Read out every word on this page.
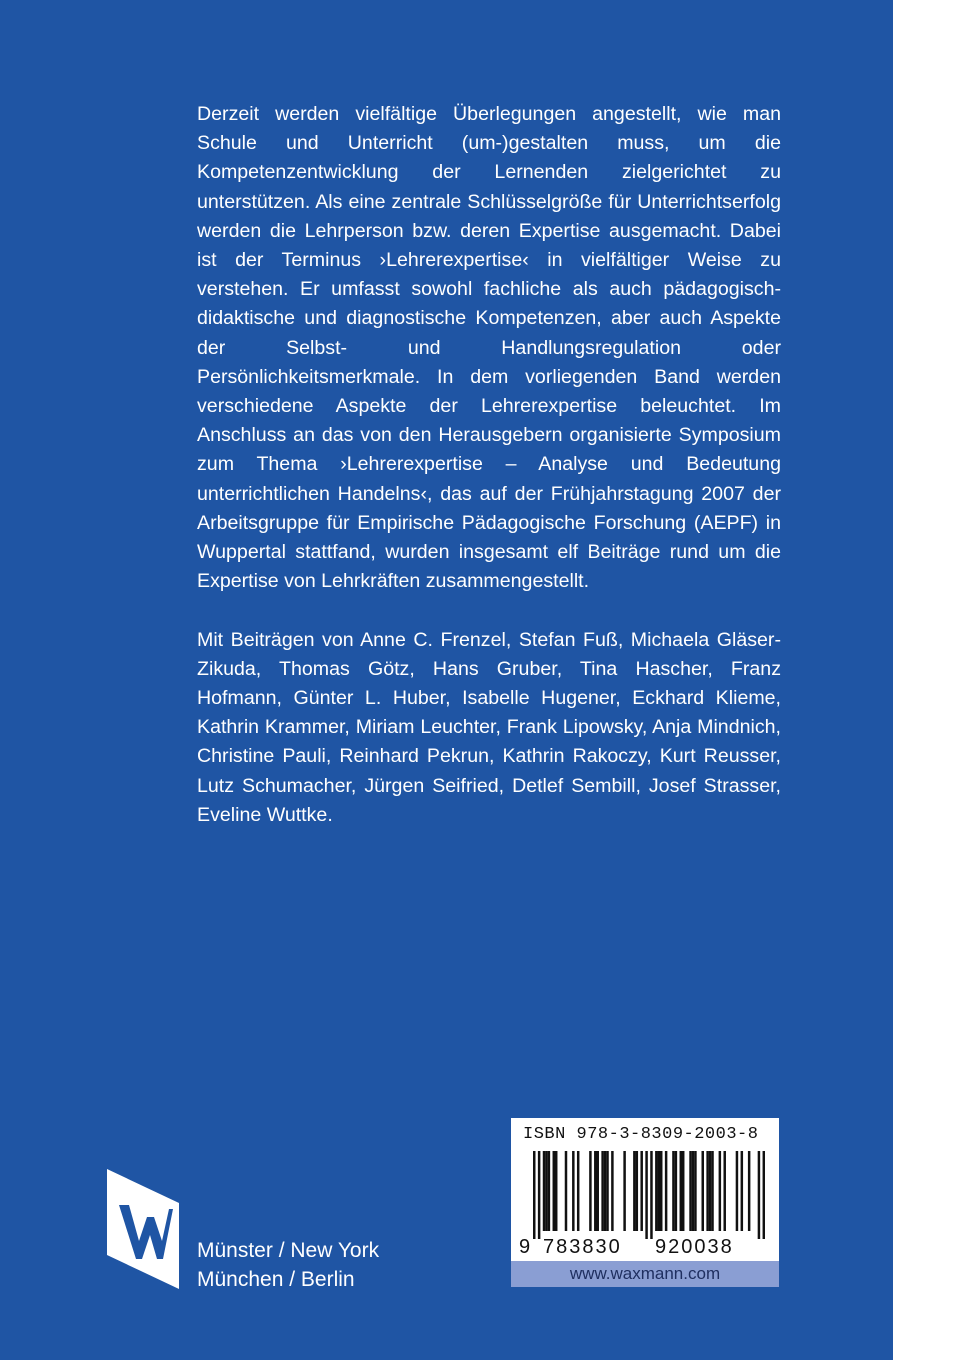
Derzeit werden vielfältige Überlegungen angestellt, wie man Schule und Unterricht (um-)gestalten muss, um die Kompetenzentwicklung der Lernenden zielgerichtet zu unterstützen. Als eine zentrale Schlüsselgröße für Unterrichtserfolg werden die Lehrperson bzw. deren Expertise ausgemacht. Dabei ist der Terminus ›Lehrerexpertise‹ in vielfältiger Weise zu verstehen. Er umfasst sowohl fachliche als auch pädagogisch-didaktische und diagnostische Kompetenzen, aber auch Aspekte der Selbst- und Handlungsregulation oder Persönlichkeitsmerkmale. In dem vorliegenden Band werden verschiedene Aspekte der Lehrerexpertise beleuchtet. Im Anschluss an das von den Herausgebern organisierte Symposium zum Thema ›Lehrerexpertise – Analyse und Bedeutung unterrichtlichen Handelns‹, das auf der Frühjahrstagung 2007 der Arbeitsgruppe für Empirische Pädagogische Forschung (AEPF) in Wuppertal stattfand, wurden insgesamt elf Beiträge rund um die Expertise von Lehrkräften zusammengestellt.

Mit Beiträgen von Anne C. Frenzel, Stefan Fuß, Michaela Gläser-Zikuda, Thomas Götz, Hans Gruber, Tina Hascher, Franz Hofmann, Günter L. Huber, Isabelle Hugener, Eckhard Klieme, Kathrin Krammer, Miriam Leuchter, Frank Lipowsky, Anja Mindnich, Christine Pauli, Reinhard Pekrun, Kathrin Rakoczy, Kurt Reusser, Lutz Schumacher, Jürgen Seifried, Detlef Sembill, Josef Strasser, Eveline Wuttke.

Münster / New York
München / Berlin
ISBN 978-3-8309-2003-8
9 783830 920038
www.waxmann.com
